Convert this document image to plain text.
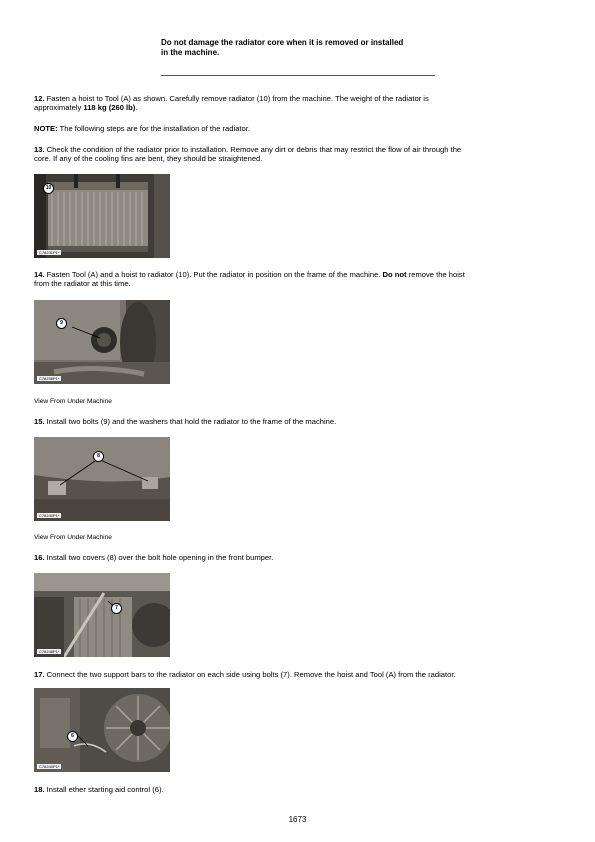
Do not damage the radiator core when it is removed or installed
in the machine.
12. Fasten a hoist to Tool (A) as shown. Carefully remove radiator (10) from the machine. The weight of the radiator is
approximately 118 kg (260 lb).
NOTE: The following steps are for the installation of the radiator.
13. Check the condition of the radiator prior to installation. Remove any dirt or debris that may restrict the flow of air through the
core. If any of the cooling fins are bent, they should be straightened.
10
C78231P1*
14. Fasten Tool (A) and a hoist to radiator (10). Put the radiator in position on the frame of the machine. Do not remove the hoist
from the radiator at this time.
9
C78238P1*
View From Under Machine
15. Install two bolts (9) and the washers that hold the radiator to the frame of the machine.
8
C78240P1*
View From Under Machine
16. Install two covers (8) over the bolt hole opening in the front bumper.
7
C78248P1*
17. Connect the two support bars to the radiator on each side using bolts (7). Remove the hoist and Tool (A) from the radiator.
6
C78240P1*
18. Install ether starting aid control (6).
1673
